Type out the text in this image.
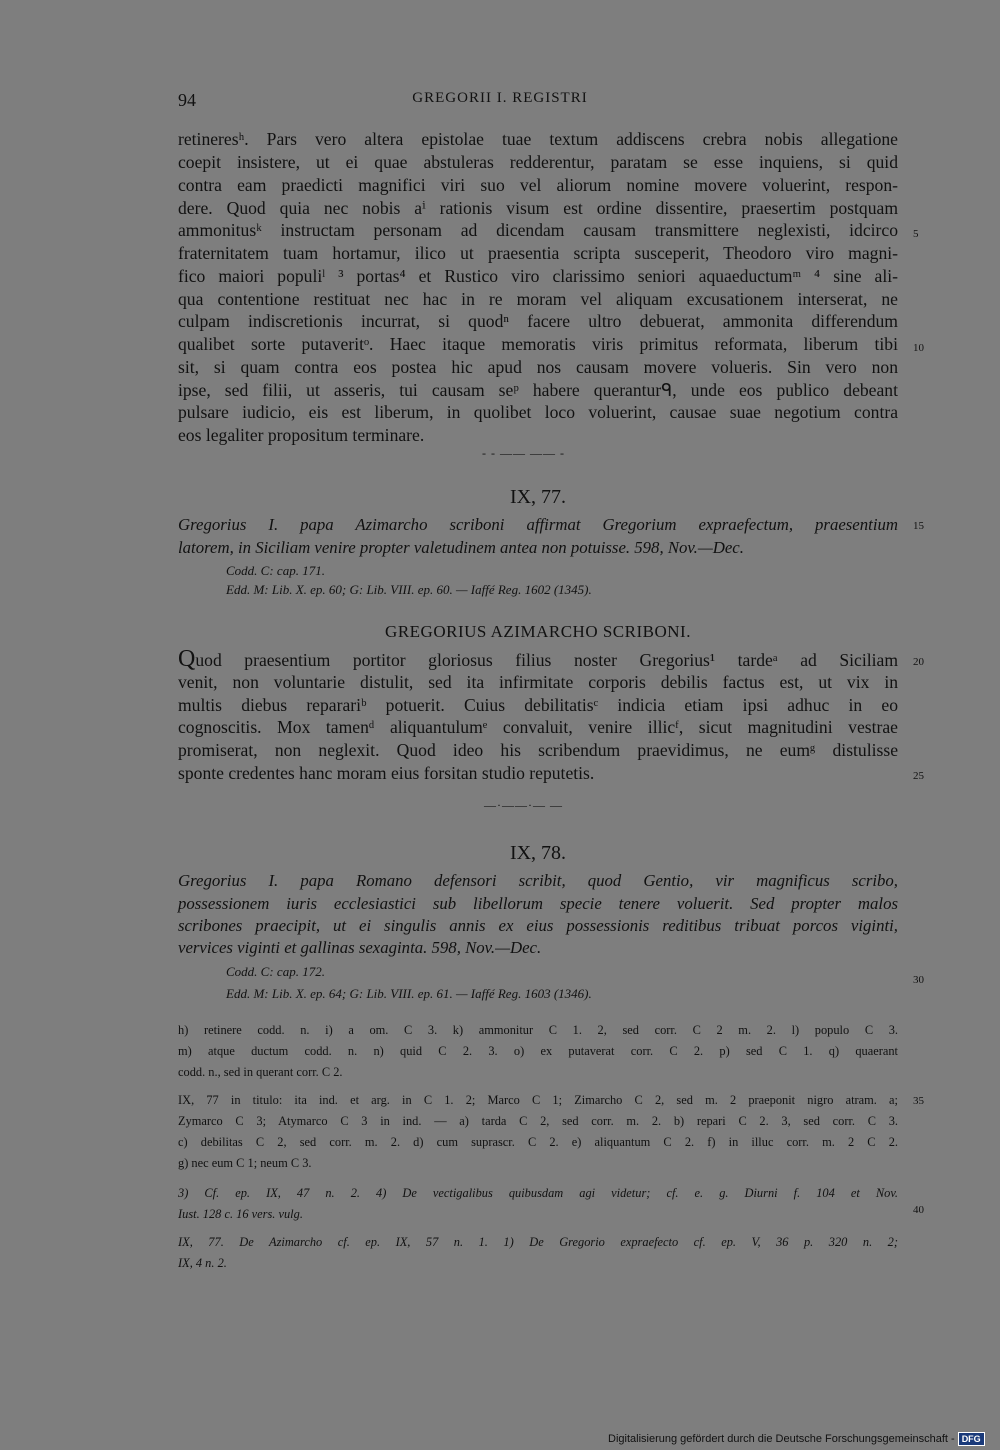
94	GREGORII I. REGISTRI
retineresʰ. Pars vero altera epistolae tuae textum addiscens crebra nobis allegatione
coepit insistere, ut ei quae abstuleras redderentur, paratam se esse inquiens, si quid
contra eam praedicti magnifici viri suo vel aliorum nomine movere voluerint, respon-
dere. Quod quia nec nobis aⁱ rationis visum est ordine dissentire, praesertim postquam
ammonitusᵏ instructam personam ad dicendam causam transmittere neglexisti, idcirco
fraternitatem tuam hortamur, ilico ut praesentia scripta susceperit, Theodoro viro magni-
fico maiori populiˡ ³ portas⁴ et Rustico viro clarissimo seniori aquaeductumᵐ ⁴ sine ali-
qua contentione restituat nec hac in re moram vel aliquam excusationem interserat, ne
culpam indiscretionis incurrat, si quodⁿ facere ultro debuerat, ammonita differendum
qualibet sorte putaveritᵒ. Haec itaque memoratis viris primitus reformata, liberum tibi
sit, si quam contra eos postea hic apud nos causam movere volueris. Sin vero non
ipse, sed filii, ut asseris, tui causam seᵖ habere queranturᑫ, unde eos publico debeant
pulsare iudicio, eis est liberum, in quolibet loco voluerint, causae suae negotium contra
eos legaliter propositum terminare.
5
10
15
20
25
30
35
40
- - —— —— -
IX, 77.
Gregorius I. papa Azimarcho scriboni affirmat Gregorium expraefectum, praesentium
latorem, in Siciliam venire propter valetudinem antea non potuisse. 598, Nov.—Dec.
Codd. C: cap. 171.
Edd. M: Lib. X. ep. 60; G: Lib. VIII. ep. 60. — Iaffé Reg. 1602 (1345).
GREGORIUS AZIMARCHO SCRIBONI.
Quod praesentium portitor gloriosus filius noster Gregorius¹ tardeᵃ ad Siciliam
venit, non voluntarie distulit, sed ita infirmitate corporis debilis factus est, ut vix in
multis diebus reparariᵇ potuerit. Cuius debilitatisᶜ indicia etiam ipsi adhuc in eo
cognoscitis. Mox tamenᵈ aliquantulumᵉ convaluit, venire illicᶠ, sicut magnitudini vestrae
promiserat, non neglexit. Quod ideo his scribendum praevidimus, ne eumᵍ distulisse
sponte credentes hanc moram eius forsitan studio reputetis.
—·——·— —
IX, 78.
Gregorius I. papa Romano defensori scribit, quod Gentio, vir magnificus scribo,
possessionem iuris ecclesiastici sub libellorum specie tenere voluerit. Sed propter malos
scribones praecipit, ut ei singulis annis ex eius possessionis reditibus tribuat porcos viginti,
vervices viginti et gallinas sexaginta. 598, Nov.—Dec.
Codd. C: cap. 172.
Edd. M: Lib. X. ep. 64; G: Lib. VIII. ep. 61. — Iaffé Reg. 1603 (1346).
h) retinere codd. n. i) a om. C 3. k) ammonitur C 1. 2, sed corr. C 2 m. 2. l) populo C 3.
m) atque ductum codd. n. n) quid C 2. 3. o) ex putaverat corr. C 2. p) sed C 1. q) quaerant
codd. n., sed in querant corr. C 2.
IX, 77 in titulo: ita ind. et arg. in C 1. 2; Marco C 1; Zimarcho C 2, sed m. 2 praeponit nigro atram. a;
Zymarco C 3; Atymarco C 3 in ind. — a) tarda C 2, sed corr. m. 2. b) repari C 2. 3, sed corr. C 3.
c) debilitas C 2, sed corr. m. 2. d) cum suprascr. C 2. e) aliquantum C 2. f) in illuc corr. m. 2 C 2.
g) nec eum C 1; neum C 3.
3) Cf. ep. IX, 47 n. 2. 4) De vectigalibus quibusdam agi videtur; cf. e. g. Diurni f. 104 et Nov.
Iust. 128 c. 16 vers. vulg.
IX, 77. De Azimarcho cf. ep. IX, 57 n. 1. 1) De Gregorio expraefecto cf. ep. V, 36 p. 320 n. 2;
IX, 4 n. 2.
Digitalisierung gefördert durch die Deutsche Forschungsgemeinschaft - DFG
